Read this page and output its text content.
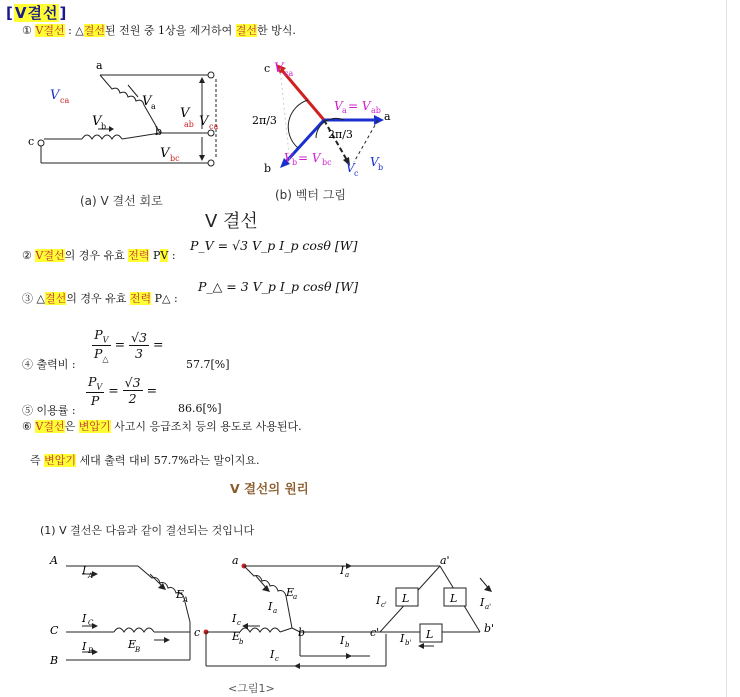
[V결선]
① V결선 : △결선된 전원 중 1상을 제거하여 결선한 방식.
a
b
c
V ca	V a
V b
V
ab V ca
V bc
(a) V 결선 회로
c V ca
a
V a = V ab
2π/3
2π/3
b
V b = V bc V c
V b
(b) 벡터 그림
V 결선
② V결선의 경우 유효 전력 PV :
P_V = √3 V_p I_p cosθ [W]
③ △결선의 경우 유효 전력 P△ :
P_△ = 3 V_p I_p cosθ [W]
④ 출력비 :
$\frac{P_V}{P_\triangle} = \frac{√3}{3}$ =
57.7[%]
⑤ 이용률 :
$\frac{P_V}{P} = \frac{√3}{2}$ =
86.6[%]
⑥ V결선은 변압기 사고시 응급조치 등의 용도로 사용된다.
즉 변압기 세대 출력 대비 57.7%라는 말이지요.
V 결선의 원리
(1) V 결선은 다음과 같이 결선되는 것입니다
A
C
B
I A
I C
I B
E
A
E
B
L	L
L
a
c	b
a'
b'
c'
E
a
I a
I a
I c
E
b	I b
I c
I a'
I c'
I b'
<그림1>
